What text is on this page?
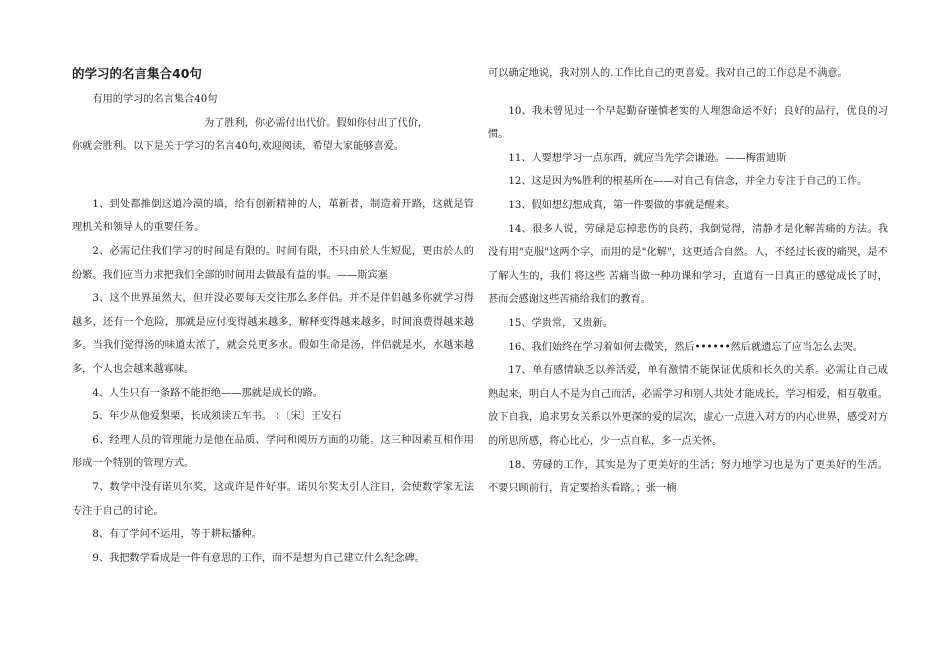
的学习的名言集合40句

有用的学习的名言集合40句

为了胜利，你必需付出代价。假如你付出了代价，
你就会胜利。以下是关于学习的名言40句,欢迎阅读，希望大家能够喜爱。

1、到处都推倒这道冷漠的墙，给有创新精神的人，革新者，制造着开路，这就是管理机关和领导人的重要任务。

2、必需记住我们学习的时间是有限的。时间有限，不只由於人生短促，更由於人的纷繁。我们应当力求把我们全部的时间用去做最有益的事。——斯宾塞

3、这个世界虽然大，但并没必要每天交往那么多伴侣。并不是伴侣越多你就学习得越多，还有一个危险，那就是应付变得越来越多，解释变得越来越多，时间浪费得越来越多。当我们觉得汤的味道太浓了，就会兑更多水。假如生命是汤，伴侣就是水，水越来越多，个人也会越来越寡味。

4、人生只有一条路不能拒绝——那就是成长的路。

5、年少从他爱梨栗，长成须读五车书。 ：〔宋〕王安石

6、经理人员的管理能力是他在品质、学问和阅历方面的功能。这三种因素互相作用形成一个特别的管理方式。

7、数学中没有诺贝尔奖，这或许是件好事。诺贝尔奖太引人注目，会使数学家无法专注于自己的讨论。

8、有了学问不运用，等于耕耘播种。

9、我把数学看成是一件有意思的工作，而不是想为自己建立什么纪念碑。

可以确定地说，我对别人的.工作比自己的更喜爱。我对自己的工作总是不满意。

10、我未曾见过一个早起勤奋谨慎老实的人埋怨命运不好；良好的品行，优良的习惯。

11、人要想学习一点东西，就应当先学会谦逊。——梅雷迪斯

12、这是因为%胜利的根基所在——对自己有信念，并全力专注于自己的工作。

13、假如想幻想成真，第一件要做的事就是醒来。

14、很多人说，劳碌是忘掉悲伤的良药，我倒觉得，清静才是化解苦痛的方法。我没有用"克服"这两个字，而用的是"化解"，这更适合自然。人，不经过长夜的痛哭，是不了解人生的，我们 将这些 苦痛当做一种功课和学习，直道有一日真正的感觉成长了时，甚而会感谢这些苦痛给我们的教育。

15、学贵常，又贵新。

16、我们始终在学习着如何去微笑，然后••••••然后就遗忘了应当怎么去哭。

17、单有感情缺乏以养活爱，单有激情不能保证优质和长久的关系。必需让自己成熟起来，明白人不是为自己而活，必需学习和别人共处才能成长，学习相爱，相互敬重。放下自我，追求男女关系以外更深的爱的层次，虚心一点进入对方的内心世界，感受对方的所思所感，将心比心，少一点自私，多一点关怀。

18、劳碌的工作，其实是为了更美好的生活；努力地学习也是为了更美好的生活。不要只顾前行，肯定要抬头看路。；张一楠
